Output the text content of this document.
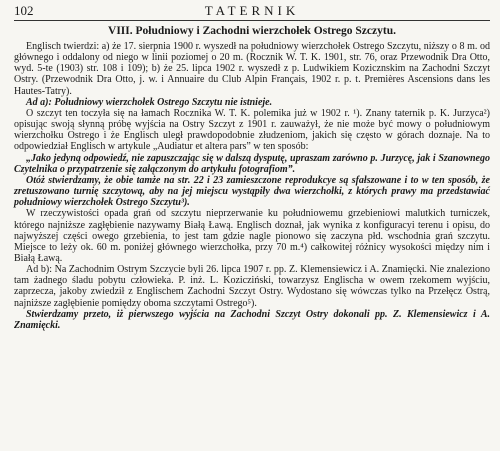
102	TATERNIK
VIII. Południowy i Zachodni wierzchołek Ostrego Szczytu.

Englisch twierdzi: a) że 17. sierpnia 1900 r. wyszedł na południowy wierzchołek Ostrego Szczytu, niższy o 8 m. od głównego i oddalony od niego w linii poziomej o 20 m. (Rocznik W. T. K. 1901, str. 76, oraz Przewodnik Dra Otto, wyd. 5-te (1903) str. 108 i 109); b) że 25. lipca 1902 r. wyszedł z p. Ludwikiem Kozicznskim na Zachodni Szczyt Ostry. (Przewodnik Dra Otto, j. w. i Annuaire du Club Alpin Français, 1902 r. p. t. Premières Ascensions dans les Hautes-Tatry).

Ad a): Południowy wierzchołek Ostrego Szczytu nie istnieje.

O szczyt ten toczyła się na łamach Rocznika W. T. K. polemika już w 1902 r. ¹). Znany taternik p. K. Jurzyca²) opisując swoją słynną próbę wyjścia na Ostry Szczyt z 1901 r. zauważył, że nie może być mowy o południowym wierzchołku Ostrego i że Englisch uległ prawdopodobnie złudzeniom, jakich się często w górach doznaje. Na to odpowiedział Englisch w artykule „Audiatur et altera pars” w ten sposób:

„Jako jedyną odpowiedź, nie zapuszczając się w dalszą dysputę, upraszam zarówno p. Jurzycę, jak i Szanownego Czytelnika o przypatrzenie się załączonym do artykułu fotografiom”.

Otóż stwierdzamy, że obie tamże na str. 22 i 23 zamieszczone reprodukcye są sfałszowane i to w ten sposób, że zretuszowano turnię szczytową, aby na jej miejscu wystąpiły dwa wierzchołki, z których prawy ma przedstawiać południowy wierzchołek Ostrego Szczytu³).

W rzeczywistości opada grań od szczytu nieprzerwanie ku południowemu grzebieniowi malutkich turniczek, którego najniższe zagłębienie nazywamy Białą Ławą. Englisch doznał, jak wynika z konfiguracyi terenu i opisu, do najwyższej części owego grzebienia, to jest tam gdzie nagle pionowo się zaczyna płd. wschodnia grań szczytu. Miejsce to leży ok. 60 m. poniżej głównego wierzchołka, przy 70 m.⁴) całkowitej różnicy wysokości między nim i Białą Ławą.

Ad b): Na Zachodnim Ostrym Szczycie byli 26. lipca 1907 r. pp. Z. Klemensiewicz i A. Znamięcki. Nie znaleziono tam żadnego śladu pobytu człowieka. P. inż. L. Kozicziński, towarzysz Englischa w owem rzekomem wyjściu, zaprzecza, jakoby zwiedził z Englischem Zachodni Szczyt Ostry. Wydostano się wówczas tylko na Przełęcz Ostrą, najniższe zagłębienie pomiędzy oboma szczytami Ostrego⁵).

Stwierdzamy przeto, iż pierwszego wyjścia na Zachodni Szczyt Ostry dokonali pp. Z. Klemensiewicz i A. Znamięcki.
